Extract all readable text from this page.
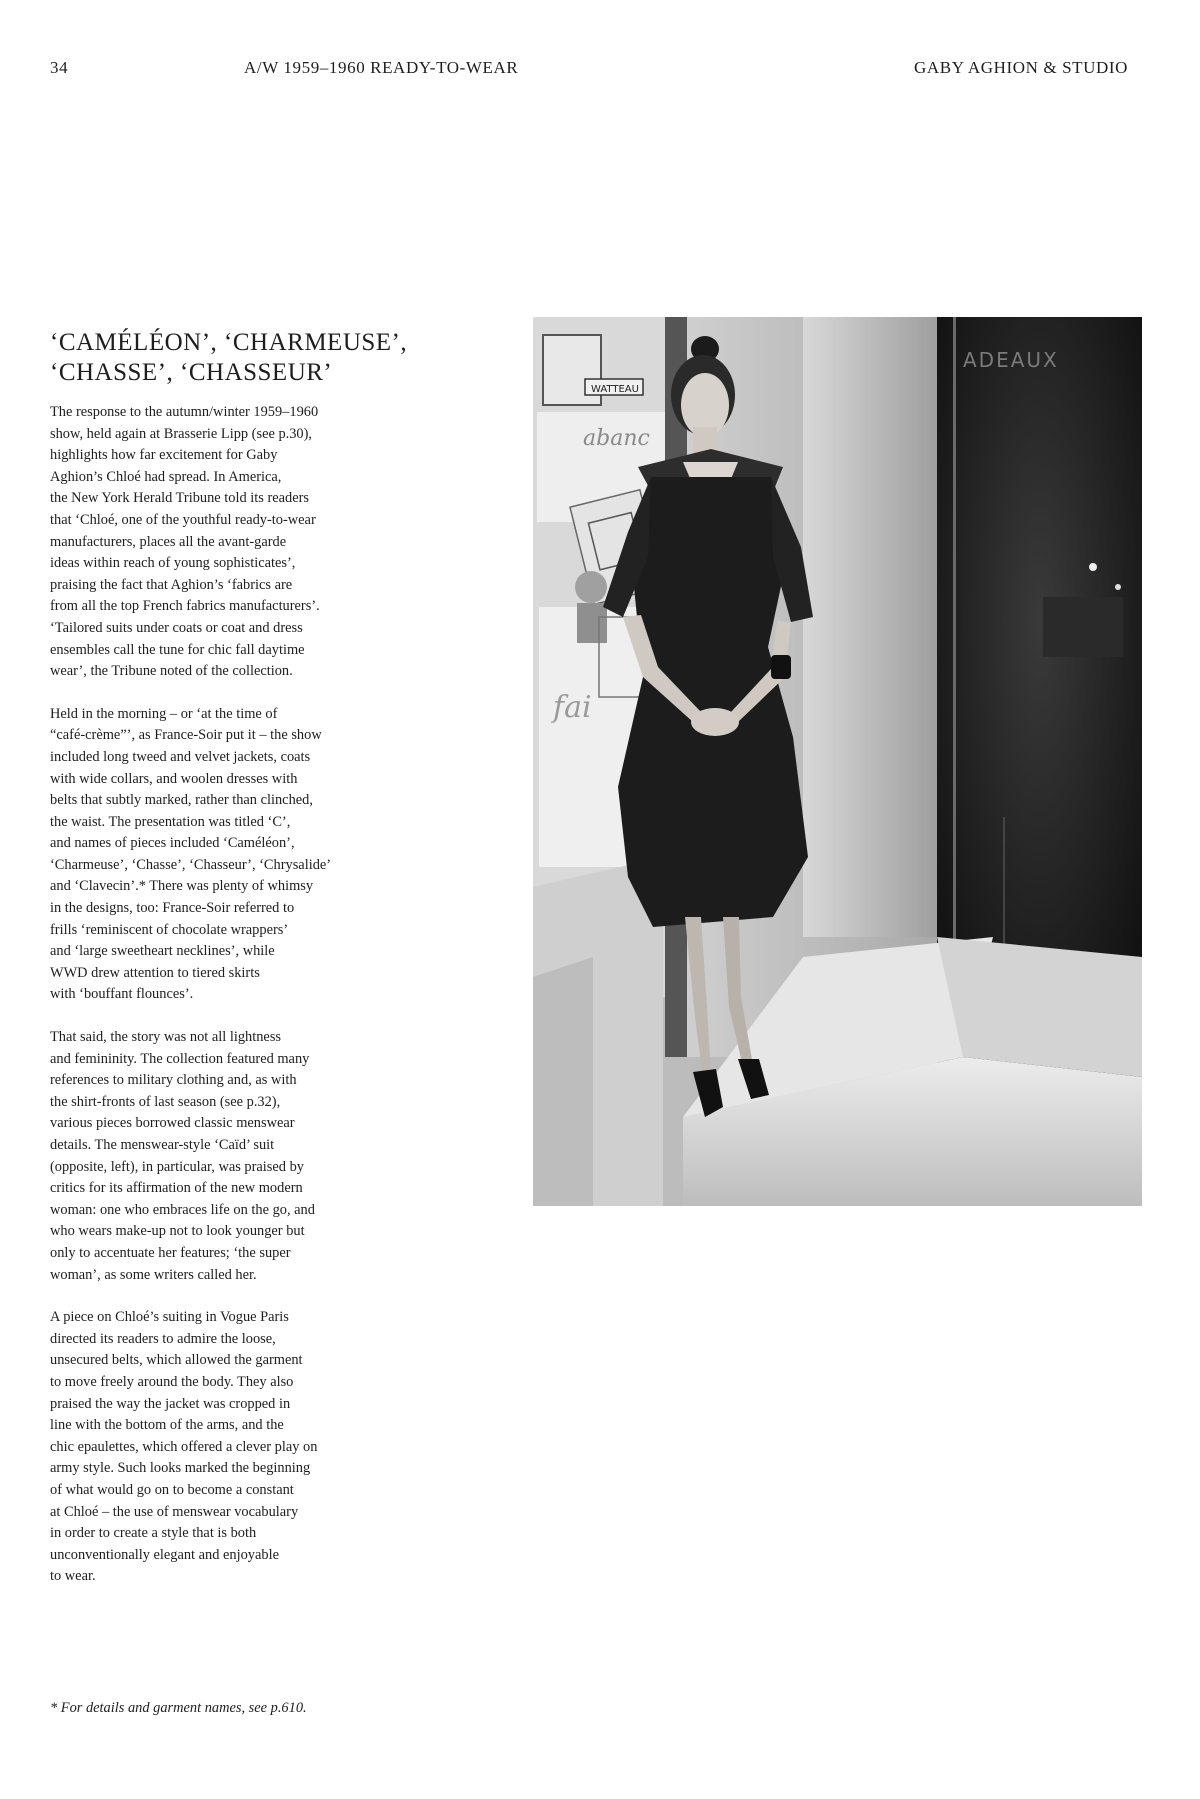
34	A/W 1959–1960 READY-TO-WEAR	GABY AGHION & STUDIO
‘CAMÉLÉON’, ‘CHARMEUSE’,
‘CHASSE’, ‘CHASSEUR’

The response to the autumn/winter 1959–1960
show, held again at Brasserie Lipp (see p.30),
highlights how far excitement for Gaby
Aghion’s Chloé had spread. In America,
the New York Herald Tribune told its readers
that ‘Chloé, one of the youthful ready-to-wear
manufacturers, places all the avant-garde
ideas within reach of young sophisticates’,
praising the fact that Aghion’s ‘fabrics are
from all the top French fabrics manufacturers’.
‘Tailored suits under coats or coat and dress
ensembles call the tune for chic fall daytime
wear’, the Tribune noted of the collection.

Held in the morning – or ‘at the time of
“café-crème”’, as France-Soir put it – the show
included long tweed and velvet jackets, coats
with wide collars, and woolen dresses with
belts that subtly marked, rather than clinched,
the waist. The presentation was titled ‘C’,
and names of pieces included ‘Caméléon’,
‘Charmeuse’, ‘Chasse’, ‘Chasseur’, ‘Chrysalide’
and ‘Clavecin’.* There was plenty of whimsy
in the designs, too: France-Soir referred to
frills ‘reminiscent of chocolate wrappers’
and ‘large sweetheart necklines’, while
WWD drew attention to tiered skirts
with ‘bouffant flounces’.

That said, the story was not all lightness
and femininity. The collection featured many
references to military clothing and, as with
the shirt-fronts of last season (see p.32),
various pieces borrowed classic menswear
details. The menswear-style ‘Caïd’ suit
(opposite, left), in particular, was praised by
critics for its affirmation of the new modern
woman: one who embraces life on the go, and
who wears make-up not to look younger but
only to accentuate her features; ‘the super
woman’, as some writers called her.

A piece on Chloé’s suiting in Vogue Paris
directed its readers to admire the loose,
unsecured belts, which allowed the garment
to move freely around the body. They also
praised the way the jacket was cropped in
line with the bottom of the arms, and the
chic epaulettes, which offered a clever play on
army style. Such looks marked the beginning
of what would go on to become a constant
at Chloé – the use of menswear vocabulary
in order to create a style that is both
unconventionally elegant and enjoyable
to wear.

* For details and garment names, see p.610.
WATTEAU
abanc
fai
ADEAUX
